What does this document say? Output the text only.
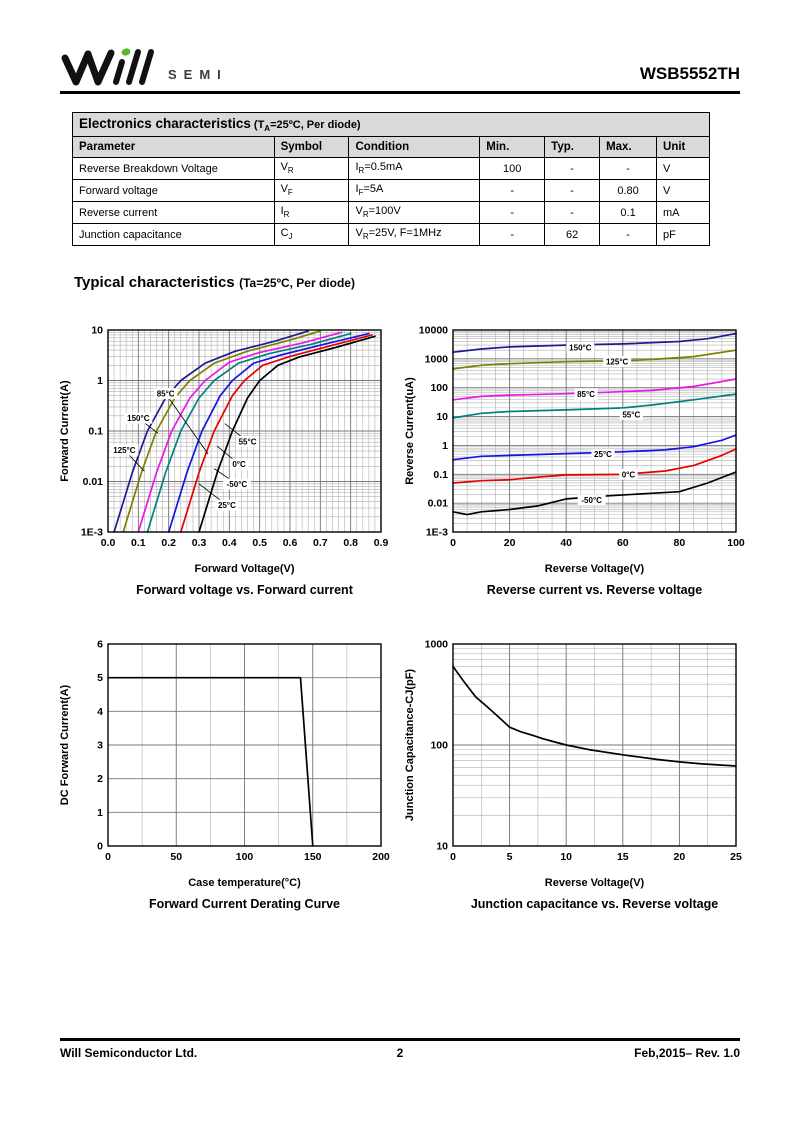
SEMI	WSB5552TH
Electronics characteristics ($T_A=25ºC$, Per diode)						
Parameter	Symbol	Condition	Min.	Typ.	Max.	Unit
Reverse Breakdown Voltage	$V_R$	$I_R=0.5mA$	100	-	-	V
Forward voltage	$V_F$	$I_F=5A$	-	-	0.80	V
Reverse current	$I_R$	$V_R=100V$	-	-	0.1	mA
Junction capacitance	$C_J$	$V_R=25V$, F=1MHz	-	62	-	pF
Typical characteristics (Ta=25ºC, Per diode)
85°C
150°C
125°C
55°C
0°C
-50°C
25°C
0.0 0.1 0.2 0.3 0.4 0.5 0.6 0.7 0.8 0.9
1E-3
0.01
0.1
1
10
Forward Voltage(V)
Forward Current(A)
Forward voltage vs. Forward current
150°C
125°C
85°C
55°C
25°C
0°C
-50°C
0	20	40	60	80	100
1E-3
0.01
0.1
1
10
100
1000
10000
Reverse Voltage(V)
Reverse Current(uA)
Reverse current vs. Reverse voltage
0	50	100	150	200
0
1
2
3
4
5
6
Case temperature(°C)
DC Forward Current(A)
Forward Current Derating Curve
0	5	10	15	20	25
10
100
1000
Reverse Voltage(V)
Junction Capacitance-CJ(pF)
Junction capacitance vs. Reverse voltage
Will Semiconductor Ltd.	2	Feb,2015– Rev. 1.0
